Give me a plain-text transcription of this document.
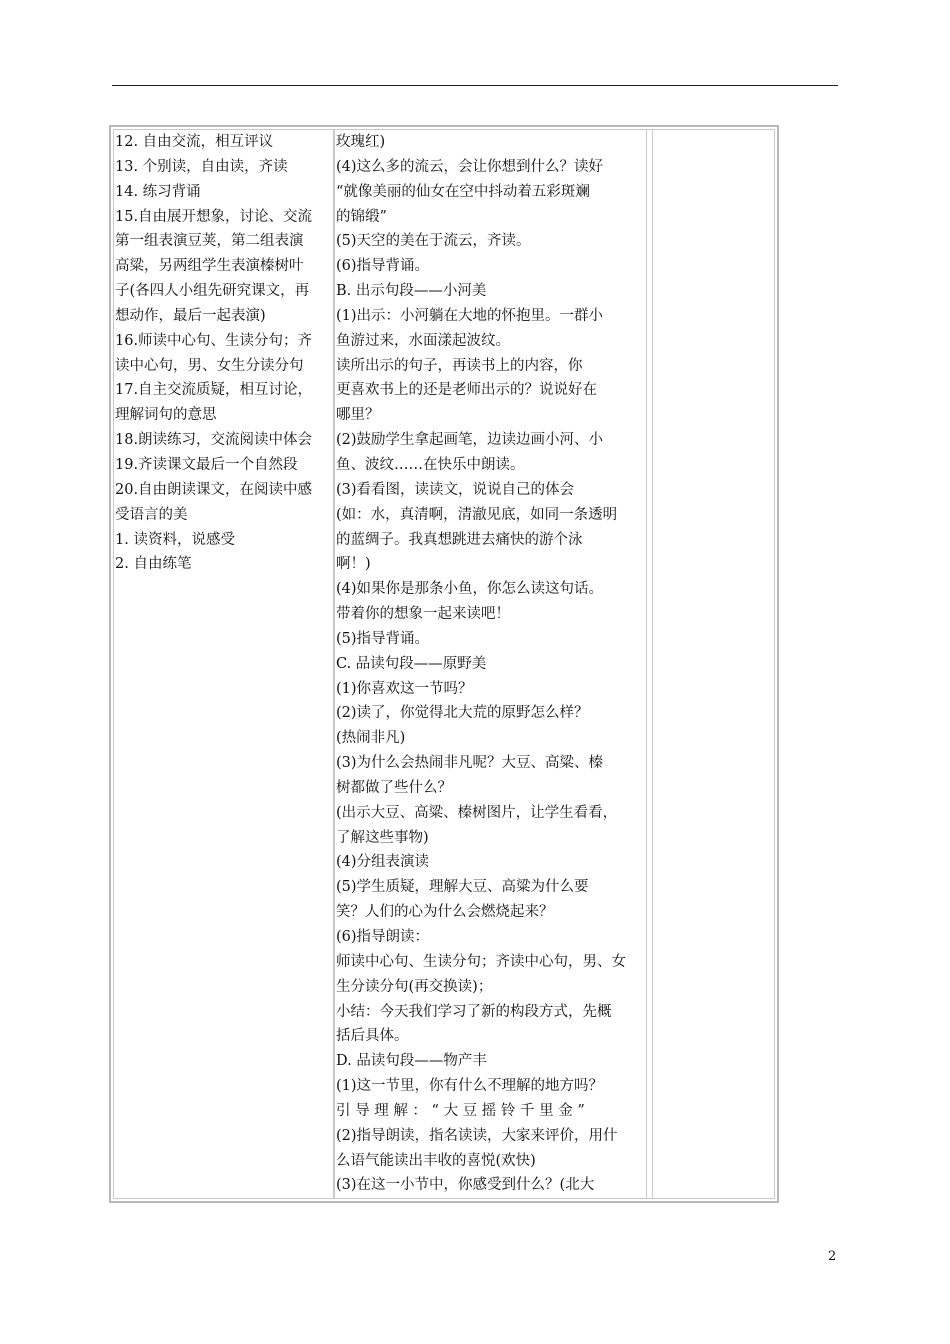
12. 自由交流，相互评议
13. 个别读，自由读，齐读
14. 练习背诵
15.自由展开想象，讨论、交流
第一组表演豆荚，第二组表演
高粱，另两组学生表演榛树叶
子(各四人小组先研究课文，再
想动作，最后一起表演)
16.师读中心句、生读分句；齐
读中心句，男、女生分读分句
17.自主交流质疑，相互讨论，
理解词句的意思
18.朗读练习，交流阅读中体会
19.齐读课文最后一个自然段
20.自由朗读课文，在阅读中感
受语言的美
1. 读资料，说感受
2. 自由练笔
玫瑰红)
(4)这么多的流云，会让你想到什么？读好
“就像美丽的仙女在空中抖动着五彩斑斓
的锦缎”
(5)天空的美在于流云，齐读。
(6)指导背诵。
B. 出示句段——小河美
(1)出示：小河躺在大地的怀抱里。一群小
鱼游过来，水面漾起波纹。
读所出示的句子，再读书上的内容，你
更喜欢书上的还是老师出示的？说说好在
哪里？
(2)鼓励学生拿起画笔，边读边画小河、小
鱼、波纹……在快乐中朗读。
(3)看看图，读读文，说说自己的体会
(如：水，真清啊，清澈见底，如同一条透明
的蓝绸子。我真想跳进去痛快的游个泳
啊！)
(4)如果你是那条小鱼，你怎么读这句话。
带着你的想象一起来读吧！
(5)指导背诵。
C. 品读句段——原野美
(1)你喜欢这一节吗？
(2)读了，你觉得北大荒的原野怎么样？
(热闹非凡)
(3)为什么会热闹非凡呢？大豆、高粱、榛
树都做了些什么？
(出示大豆、高粱、榛树图片，让学生看看，
了解这些事物)
(4)分组表演读
(5)学生质疑，理解大豆、高粱为什么要
笑？人们的心为什么会燃烧起来？
(6)指导朗读：
师读中心句、生读分句；齐读中心句，男、女
生分读分句(再交换读)；
小结：今天我们学习了新的构段方式，先概
括后具体。
D. 品读句段——物产丰
(1)这一节里，你有什么不理解的地方吗？
引 导 理 解 ： “ 大 豆 摇 铃 千 里 金 ”
(2)指导朗读，指名读读，大家来评价，用什
么语气能读出丰收的喜悦(欢快)
(3)在这一小节中，你感受到什么？(北大
2
